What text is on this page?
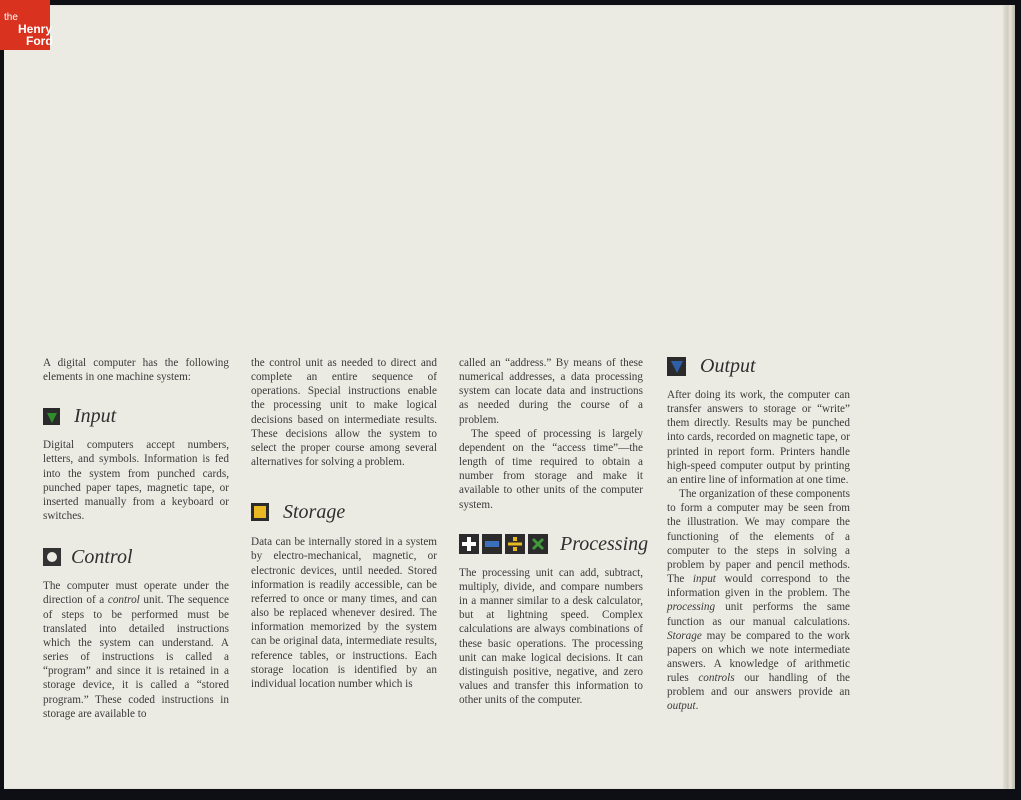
the
Henry
Ford

A digital computer has the following elements in one machine system:

Input

Digital computers accept numbers, letters, and symbols. Information is fed into the system from punched cards, punched paper tapes, magnetic tape, or inserted manually from a keyboard or switches.

Control

The computer must operate under the direction of a control unit. The sequence of steps to be performed must be translated into detailed instructions which the system can understand. A series of instructions is called a “program” and since it is retained in a storage device, it is called a “stored program.” These coded instructions in storage are available to

the control unit as needed to direct and complete an entire sequence of operations. Special instructions enable the processing unit to make logical decisions based on intermediate results. These decisions allow the system to select the proper course among several alternatives for solving a problem.

Storage

Data can be internally stored in a system by electro-mechanical, magnetic, or electronic devices, until needed. Stored information is readily accessible, can be referred to once or many times, and can also be replaced whenever desired. The information memorized by the system can be original data, intermediate results, reference tables, or instructions. Each storage location is identified by an individual location number which is

called an “address.” By means of these numerical addresses, a data processing system can locate data and instructions as needed during the course of a problem.

The speed of processing is largely dependent on the “access time”—the length of time required to obtain a number from storage and make it available to other units of the computer system.

Processing

The processing unit can add, subtract, multiply, divide, and compare numbers in a manner similar to a desk calculator, but at lightning speed. Complex calculations are always combinations of these basic operations. The processing unit can make logical decisions. It can distinguish positive, negative, and zero values and transfer this information to other units of the computer.

Output

After doing its work, the computer can transfer answers to storage or “write” them directly. Results may be punched into cards, recorded on magnetic tape, or printed in report form. Printers handle high-speed computer output by printing an entire line of information at one time.

The organization of these components to form a computer may be seen from the illustration. We may compare the functioning of the elements of a computer to the steps in solving a problem by paper and pencil methods. The input would correspond to the information given in the problem. The processing unit performs the same function as our manual calculations. Storage may be compared to the work papers on which we note intermediate answers. A knowledge of arithmetic rules controls our handling of the problem and our answers provide an output.
